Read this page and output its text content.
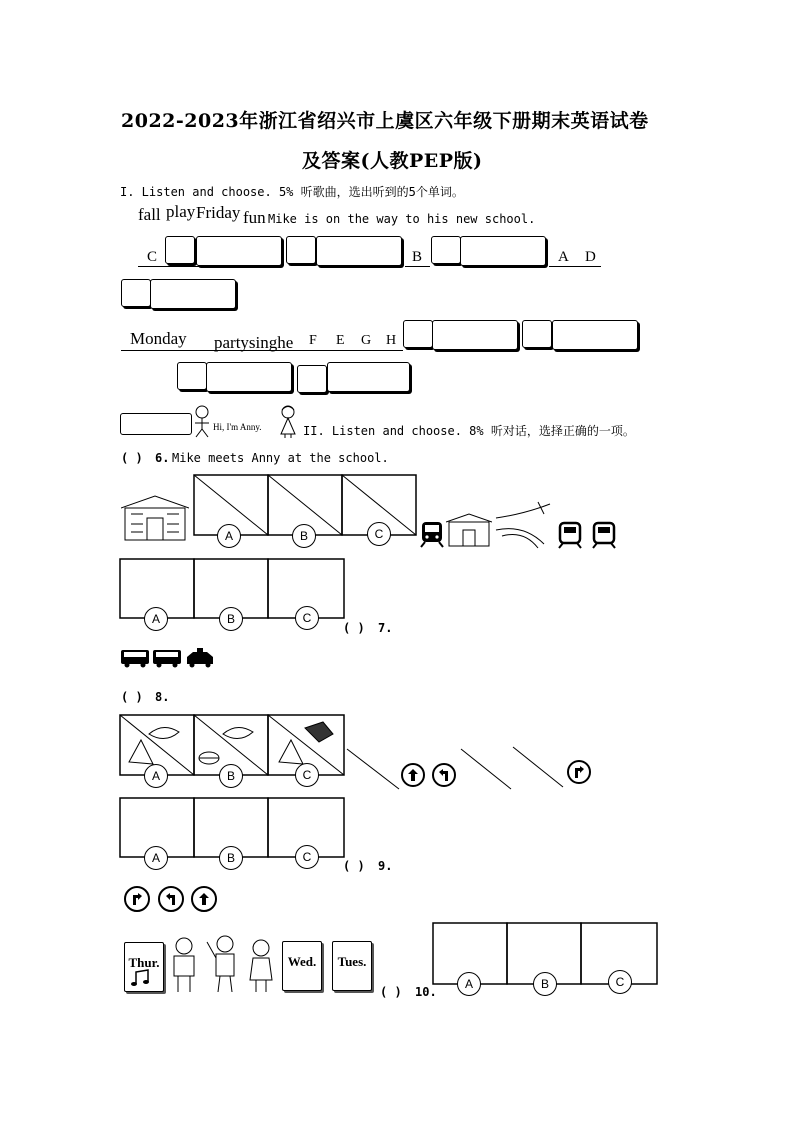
2022-2023年浙江省绍兴市上虞区六年级下册期末英语试卷
及答案(人教PEP版)
I. Listen and choose. 5% 听歌曲，选出听到的5个单词。
fall play Friday fun Mike is on the way to his new school.
C	B	A D
Monday partysinghe F E G H
Hi, I'm Anny.	II. Listen and choose. 8% 听对话，选择正确的一项。
( ) 6. Mike meets Anny at the school.
A	B	C
A	B	C
( ) 7.
( ) 8.
A	B	C
A	B	C
( ) 9.
Thur.	Wed.	Tues.
( ) 10.
A	B	C
